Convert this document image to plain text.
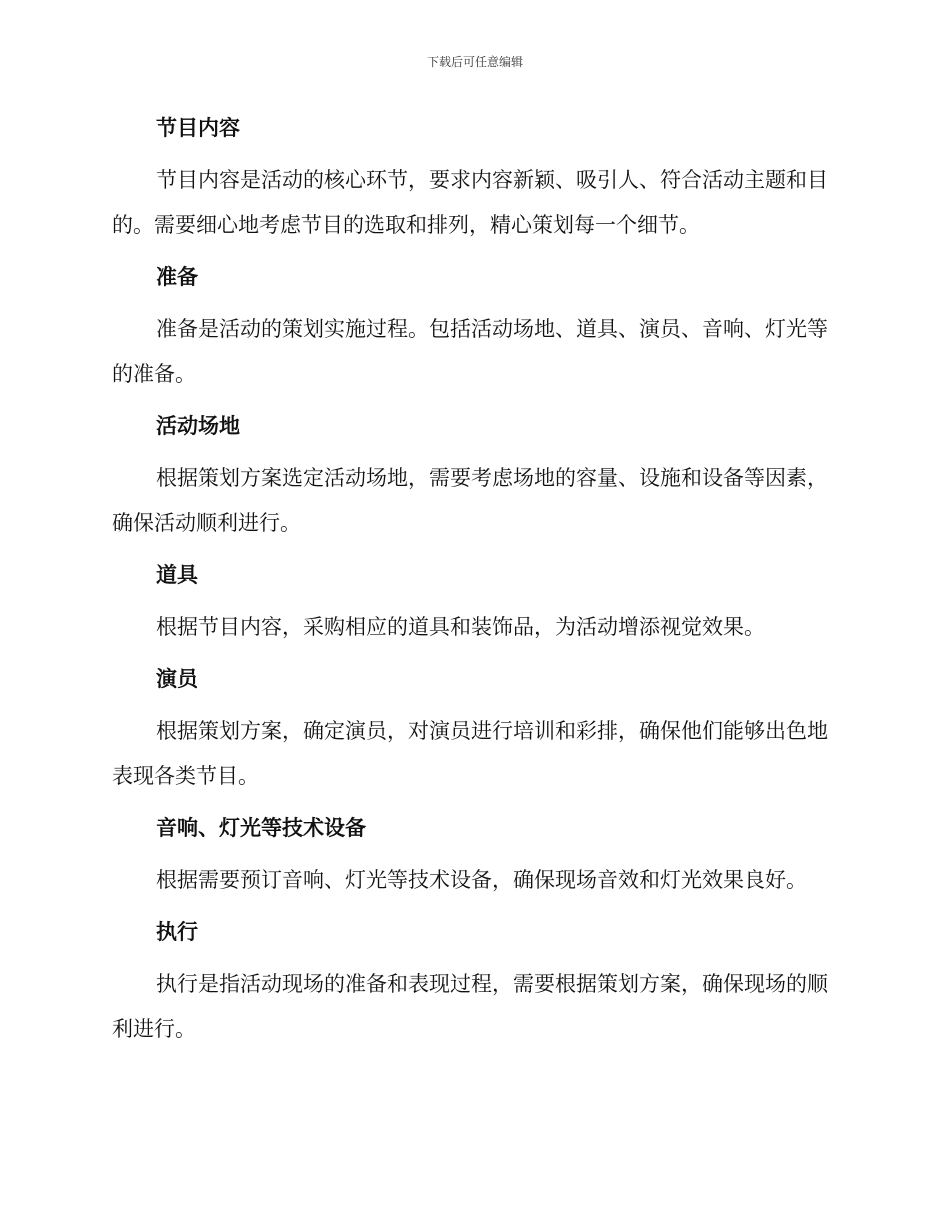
下载后可任意编辑
节目内容

节目内容是活动的核心环节，要求内容新颖、吸引人、符合活动主题和目的。需要细心地考虑节目的选取和排列，精心策划每一个细节。

准备

准备是活动的策划实施过程。包括活动场地、道具、演员、音响、灯光等的准备。

活动场地

根据策划方案选定活动场地，需要考虑场地的容量、设施和设备等因素，确保活动顺利进行。

道具

根据节目内容，采购相应的道具和装饰品，为活动增添视觉效果。

演员

根据策划方案，确定演员，对演员进行培训和彩排，确保他们能够出色地表现各类节目。

音响、灯光等技术设备

根据需要预订音响、灯光等技术设备，确保现场音效和灯光效果良好。

执行

执行是指活动现场的准备和表现过程，需要根据策划方案，确保现场的顺利进行。
